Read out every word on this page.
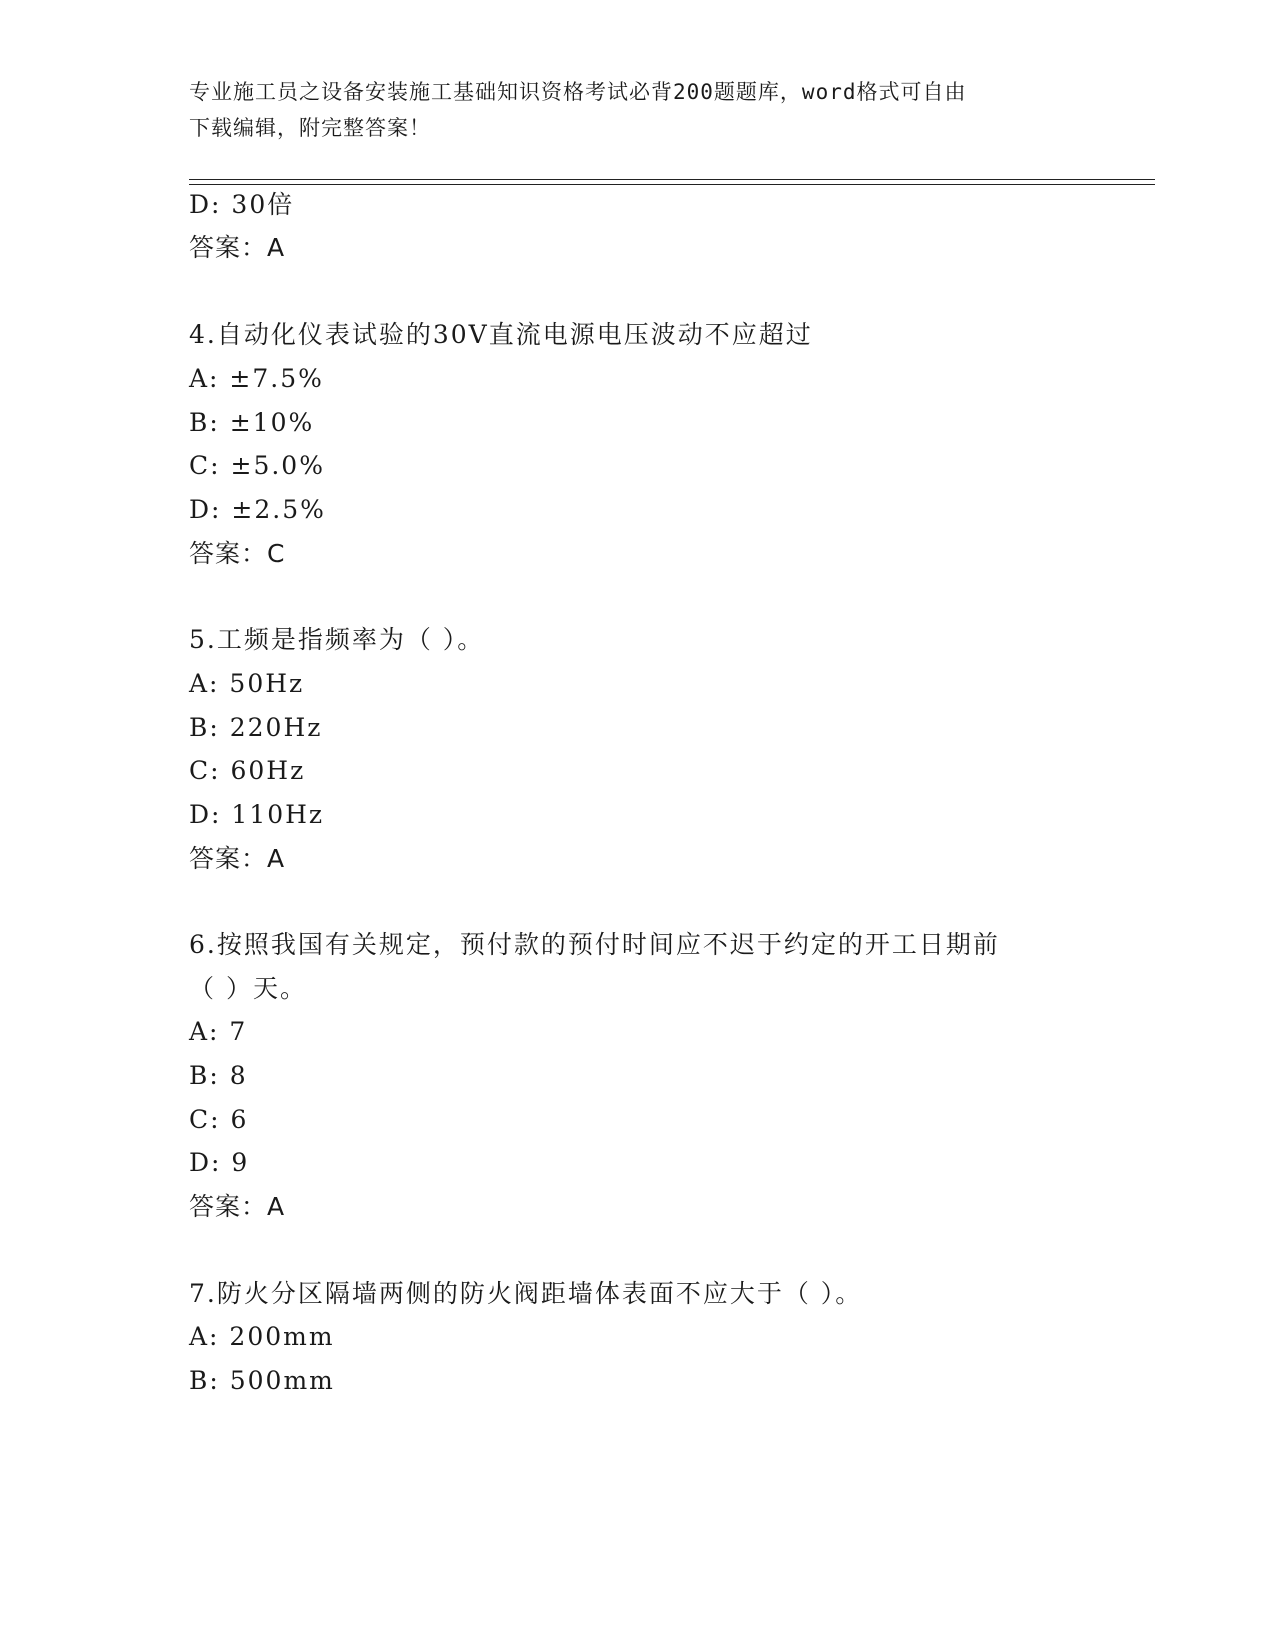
专业施工员之设备安装施工基础知识资格考试必背200题题库，word格式可自由
下载编辑，附完整答案！
D: 30倍
答案：A
4.自动化仪表试验的30V直流电源电压波动不应超过
A: ±7.5%
B: ±10%
C: ±5.0%
D: ±2.5%
答案：C
5.工频是指频率为（ ）。
A: 50Hz
B: 220Hz
C: 60Hz
D: 110Hz
答案：A
6.按照我国有关规定，预付款的预付时间应不迟于约定的开工日期前
（ ）天。
A: 7
B: 8
C: 6
D: 9
答案：A
7.防火分区隔墙两侧的防火阀距墙体表面不应大于（ ）。
A: 200mm
B: 500mm
